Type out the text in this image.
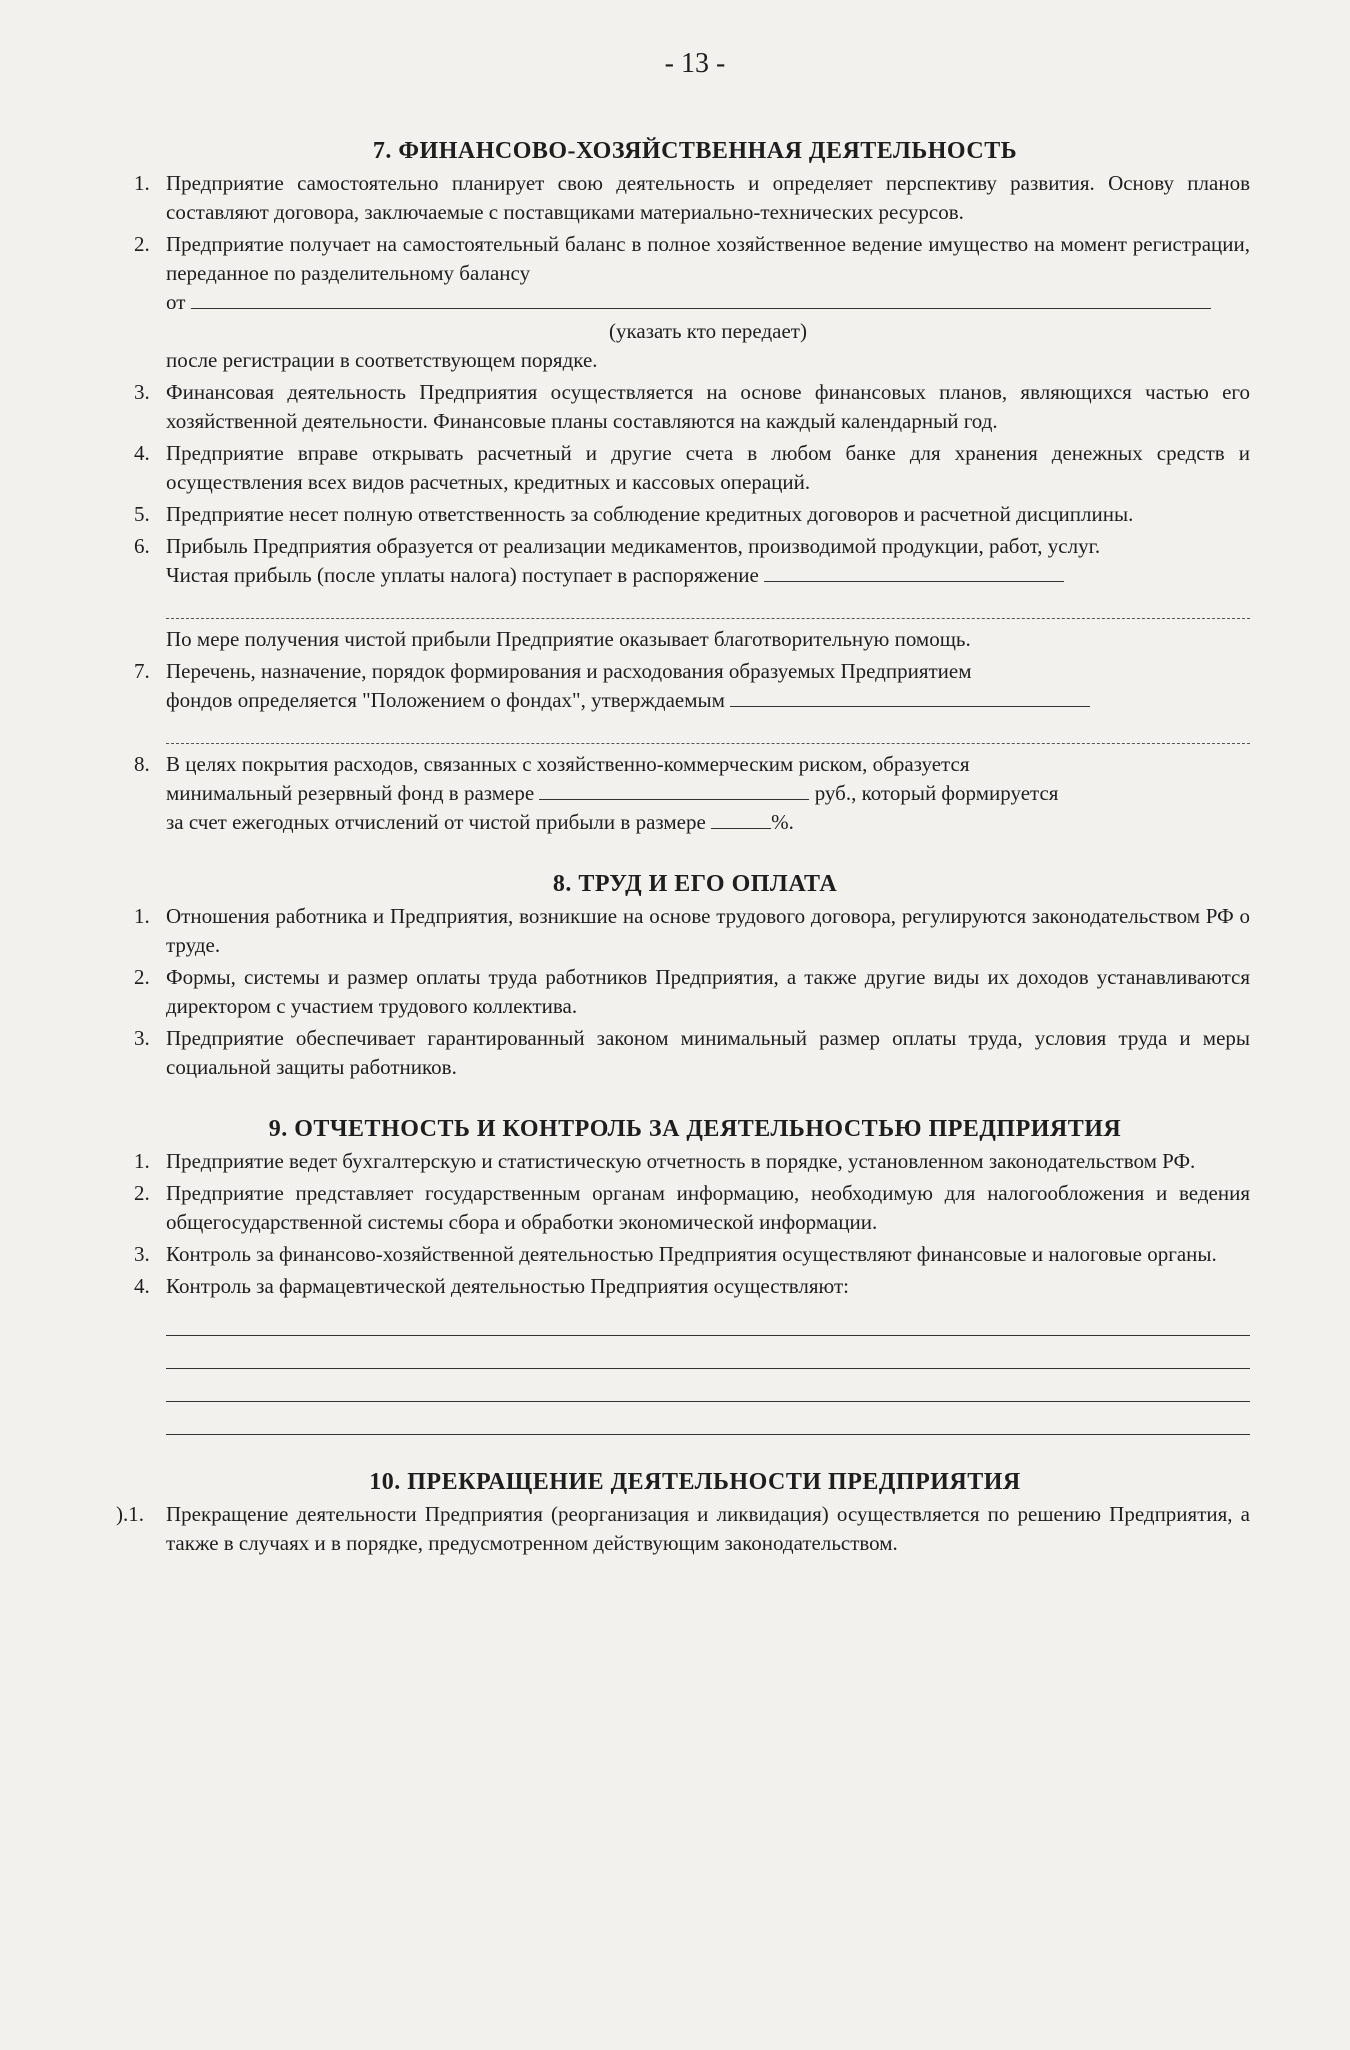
- 13 -
7. ФИНАНСОВО-ХОЗЯЙСТВЕННАЯ ДЕЯТЕЛЬНОСТЬ
1. Предприятие самостоятельно планирует свою деятельность и определяет перспективу развития. Основу планов составляют договора, заключаемые с поставщиками материально-технических ресурсов.
2. Предприятие получает на самостоятельный баланс в полное хозяйственное ведение имущество на момент регистрации, переданное по разделительному балансу
от
(указать кто передает)
после регистрации в соответствующем порядке.
3. Финансовая деятельность Предприятия осуществляется на основе финансовых планов, являющихся частью его хозяйственной деятельности. Финансовые планы составляются на каждый календарный год.
4. Предприятие вправе открывать расчетный и другие счета в любом банке для хранения денежных средств и осуществления всех видов расчетных, кредитных и кассовых операций.
5. Предприятие несет полную ответственность за соблюдение кредитных договоров и расчетной дисциплины.
6. Прибыль Предприятия образуется от реализации медикаментов, производимой продукции, работ, услуг.
Чистая прибыль (после уплаты налога) поступает в распоряжение
По мере получения чистой прибыли Предприятие оказывает благотворительную помощь.
7. Перечень, назначение, порядок формирования и расходования образуемых Предприятием
фондов определяется "Положением о фондах", утверждаемым
8. В целях покрытия расходов, связанных с хозяйственно-коммерческим риском, образуется
минимальный резервный фонд в размере	руб., который формируется
за счет ежегодных отчислений от чистой прибыли в размере	%.
8. ТРУД И ЕГО ОПЛАТА
1. Отношения работника и Предприятия, возникшие на основе трудового договора, регулируются законодательством РФ о труде.
2. Формы, системы и размер оплаты труда работников Предприятия, а также другие виды их доходов устанавливаются директором с участием трудового коллектива.
3. Предприятие обеспечивает гарантированный законом минимальный размер оплаты труда, условия труда и меры социальной защиты работников.
9. ОТЧЕТНОСТЬ И КОНТРОЛЬ ЗА ДЕЯТЕЛЬНОСТЬЮ ПРЕДПРИЯТИЯ
1. Предприятие ведет бухгалтерскую и статистическую отчетность в порядке, установленном законодательством РФ.
2. Предприятие представляет государственным органам информацию, необходимую для налогообложения и ведения общегосударственной системы сбора и обработки экономической информации.
3. Контроль за финансово-хозяйственной деятельностью Предприятия осуществляют финансовые и налоговые органы.
4. Контроль за фармацевтической деятельностью Предприятия осуществляют:
10. ПРЕКРАЩЕНИЕ ДЕЯТЕЛЬНОСТИ ПРЕДПРИЯТИЯ
).1. Прекращение деятельности Предприятия (реорганизация и ликвидация) осуществляется по решению Предприятия, а также в случаях и в порядке, предусмотренном действующим законодательством.
